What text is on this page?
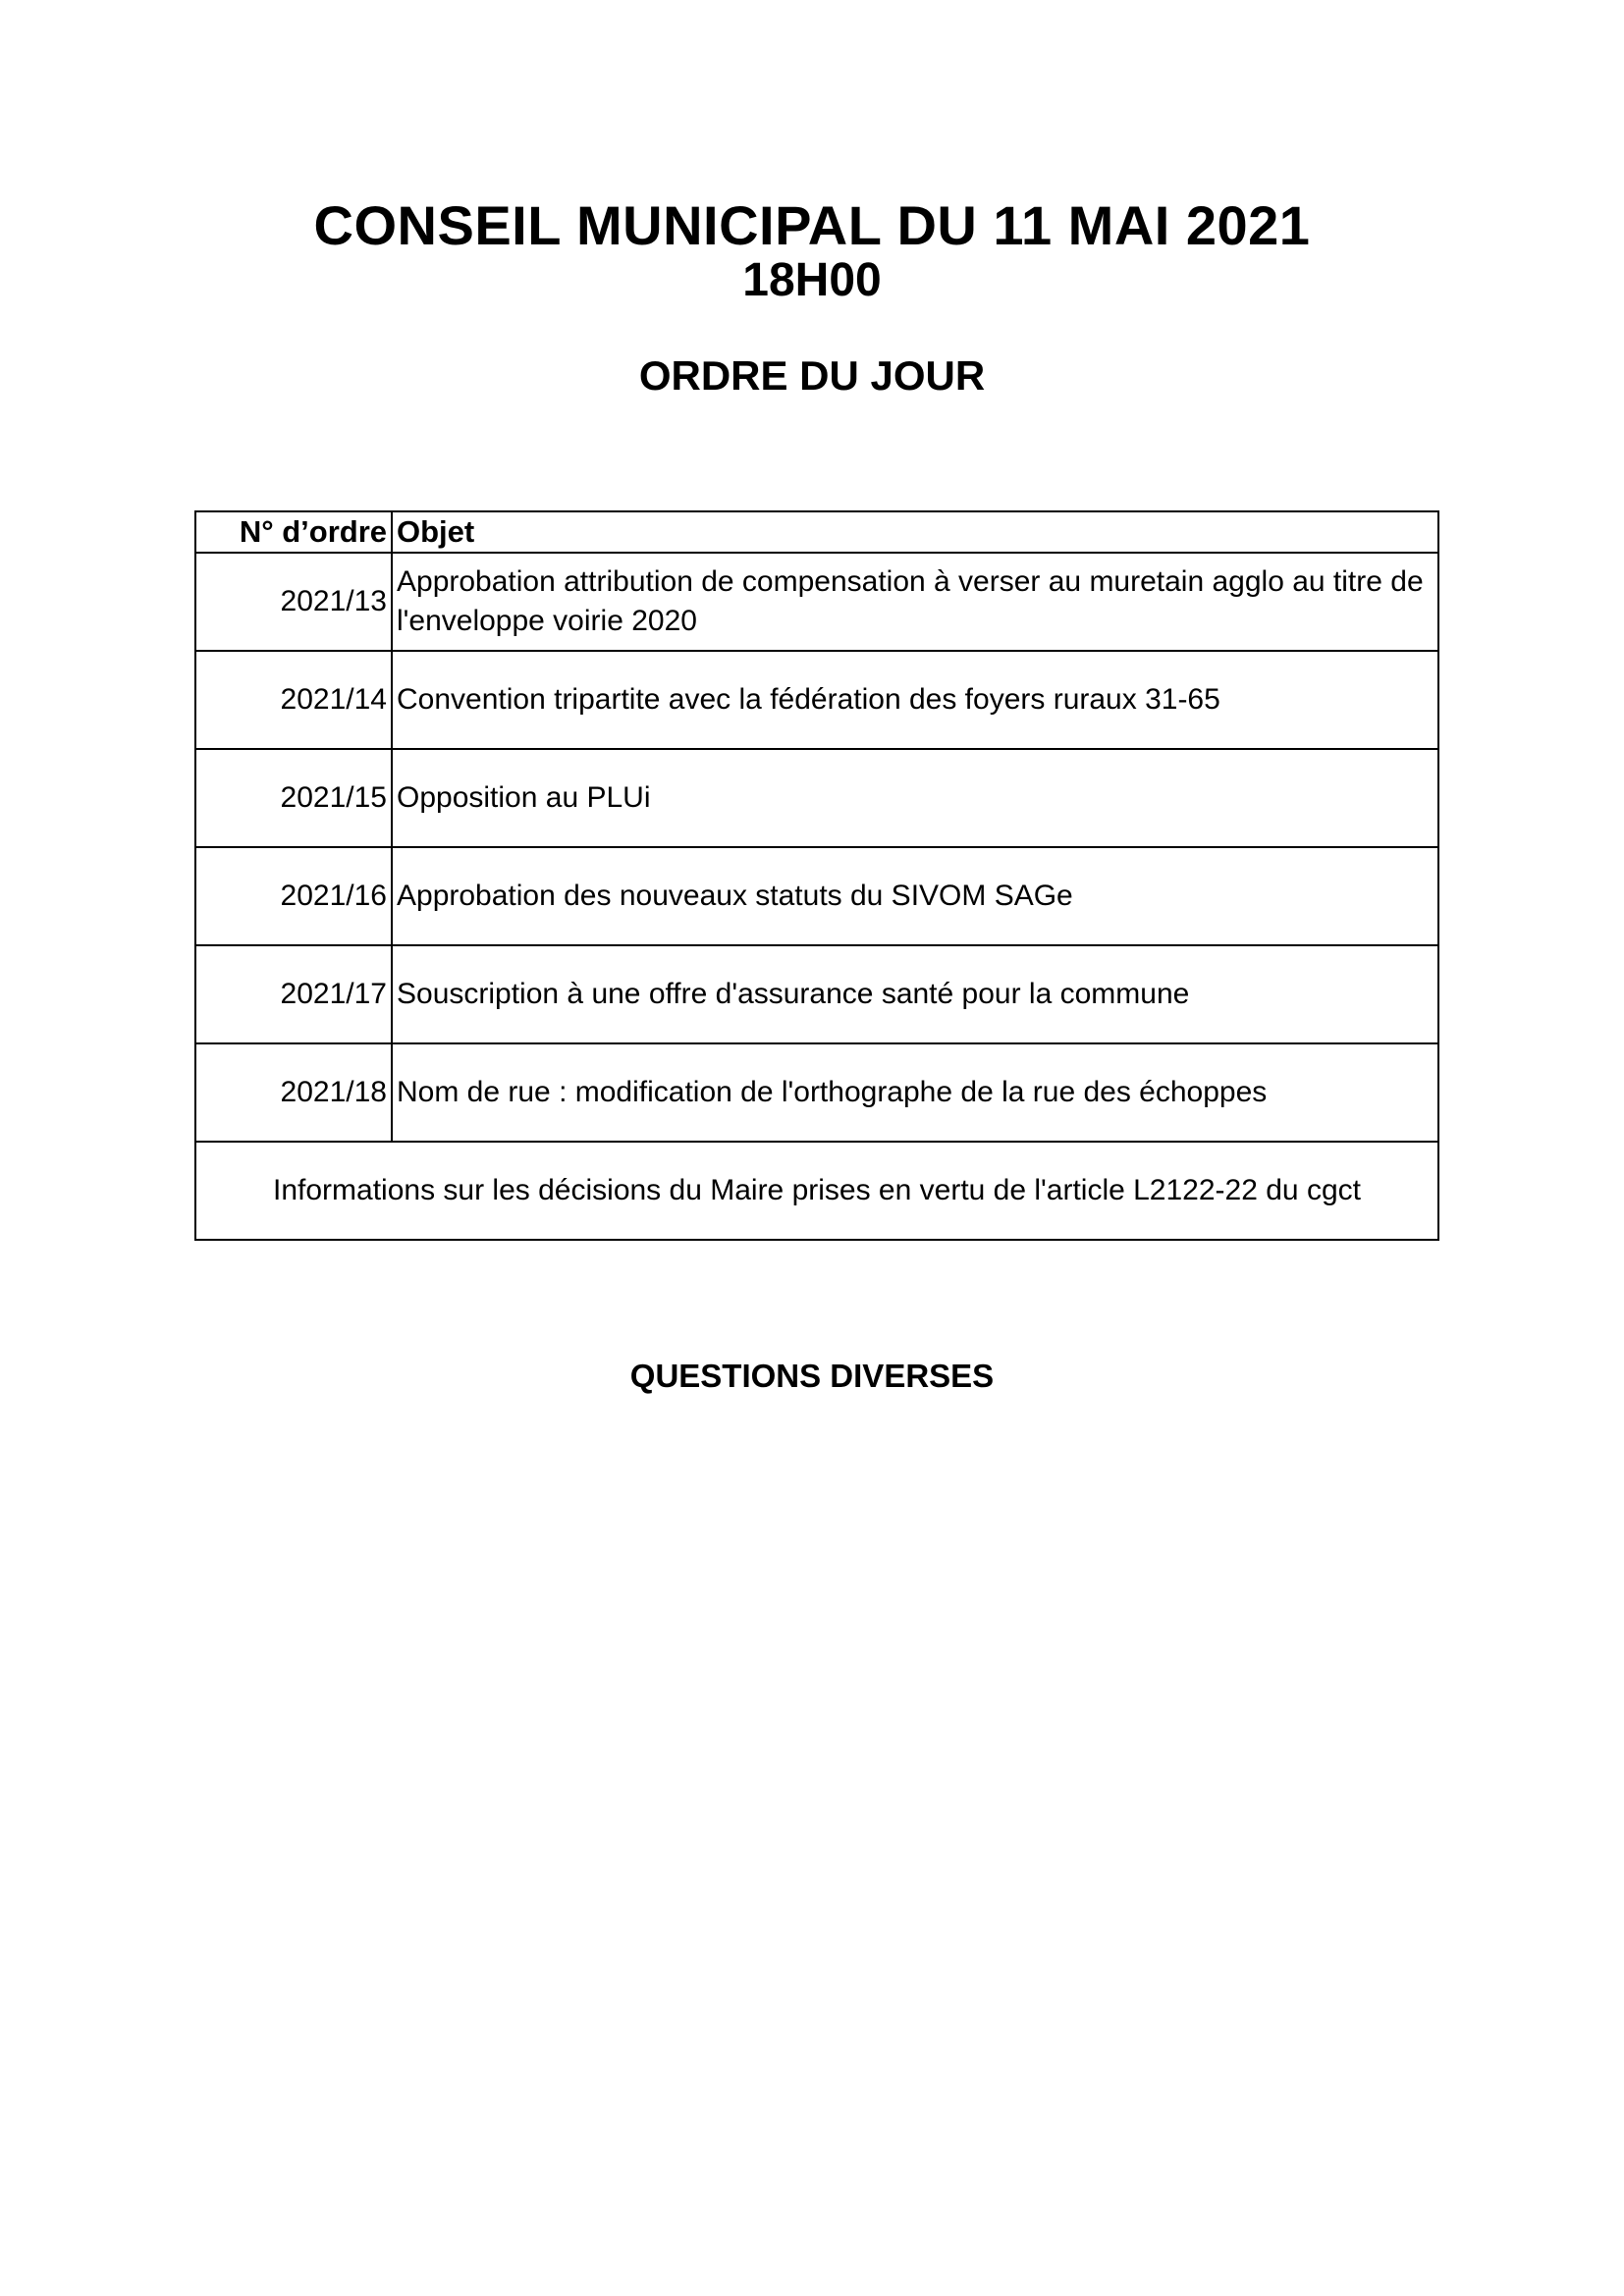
CONSEIL MUNICIPAL DU 11 MAI 2021
18H00
ORDRE DU JOUR
N° d’ordre	Objet
2021/13	Approbation attribution de compensation à verser au muretain agglo au titre de l'enveloppe voirie 2020
2021/14	Convention tripartite avec la fédération des foyers ruraux 31-65
2021/15	Opposition au PLUi
2021/16	Approbation des nouveaux statuts du SIVOM SAGe
2021/17	Souscription à une offre d'assurance santé pour la commune
2021/18	Nom de rue : modification de l'orthographe de la rue des échoppes
Informations sur les décisions du Maire prises en vertu de l'article L2122-22 du cgct	
QUESTIONS DIVERSES
